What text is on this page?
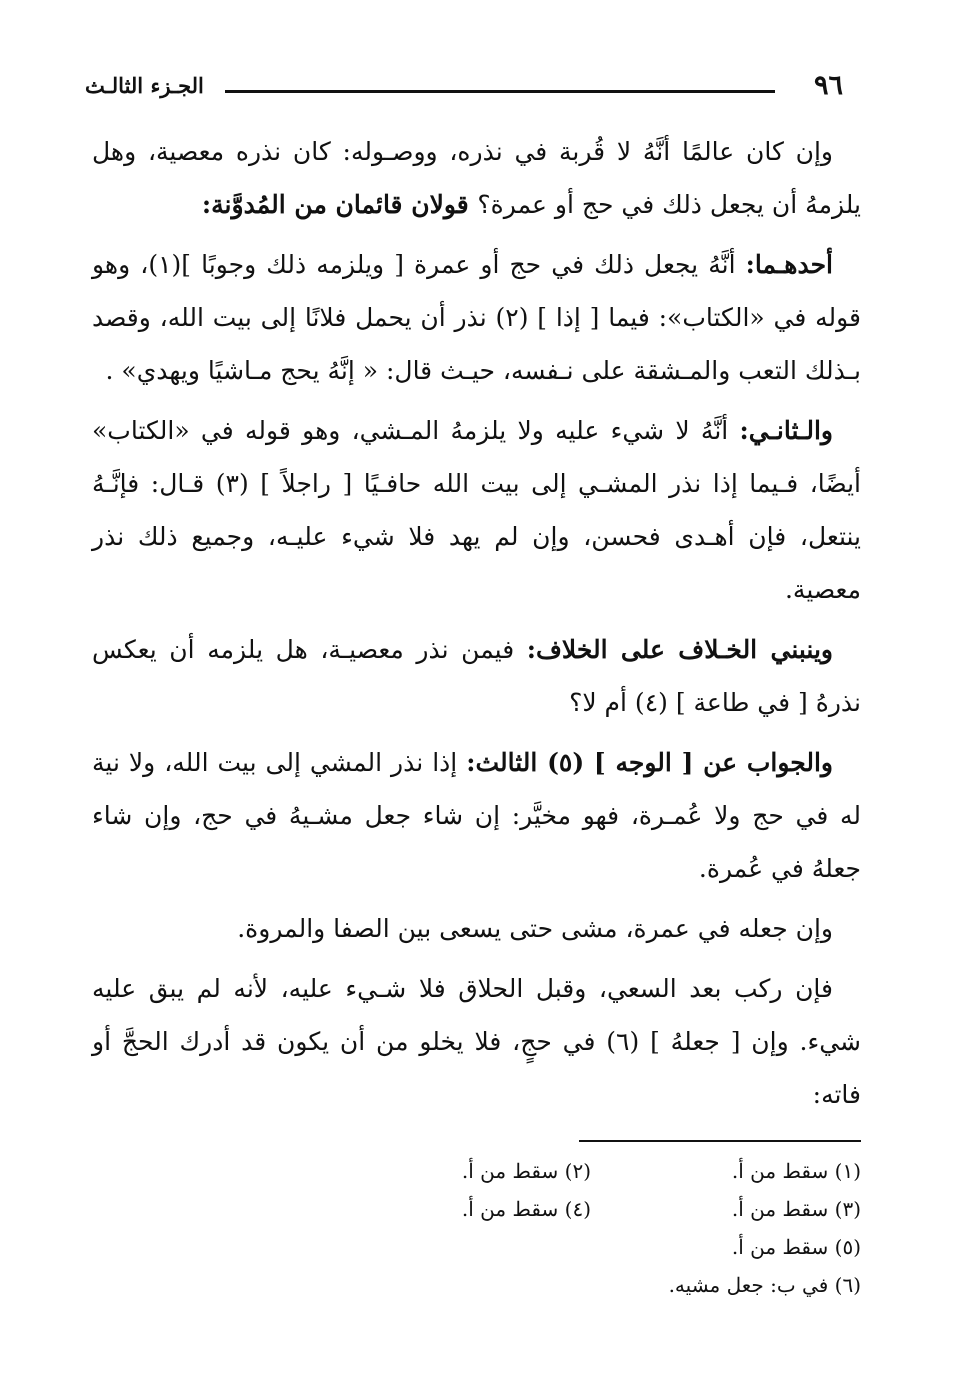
٩٦
الجـزء الثالـث

وإن كان عالمًا أنَّهُ لا قُربة في نذره، ووصـوله: كان نذره معصية، وهل يلزمهُ أن يجعل ذلك في حج أو عمرة؟ قولان قائمان من المُدوَّنة:

أحدهـما: أنَّهُ يجعل ذلك في حج أو عمرة [ ويلزمه ذلك وجوبًا ](١)، وهو قوله في «الكتاب»: فيما [ إذا ] (٢) نذر أن يحمل فلانًا إلى بيت الله، وقصد بـذلك التعب والمـشقة على نـفسه، حيـث قال: « إنَّهُ يحج مـاشيًا ويهدي» .

والـثانـي: أنَّهُ لا شيء عليه ولا يلزمهُ المـشي، وهو قوله في «الكتاب» أيضًا، فـيما إذا نذر المشـي إلى بيت الله حافـيًا [ راجلاً ] (٣) قـال: فإنَّـهُ ينتعل، فإن أهـدى فحسن، وإن لم يهد فلا شيء عليـه، وجميع ذلك نذر معصية.

وينبني الخـلاف على الخلاف: فيمن نذر معصيـة، هل يلزمه أن يعكس نذرهُ [ في طاعة ] (٤) أم لا؟

والجواب عن [ الوجه ] (٥) الثالث: إذا نذر المشي إلى بيت الله، ولا نية له في حج ولا عُمـرة، فهو مخيَّر: إن شاء جعل مشـيهُ في حج، وإن شاء جعلهُ في عُمرة.

وإن جعله في عمرة، مشى حتى يسعى بين الصفا والمروة.

فإن ركب بعد السعي، وقبل الحلاق فلا شـيء عليه، لأنه لم يبق عليه شيء. وإن [ جعلهُ ] (٦) في حجٍ، فلا يخلو من أن يكون قد أدرك الحجَّ أو فاته:

(١) سقط من أ.
(٢) سقط من أ.
(٣) سقط من أ.
(٤) سقط من أ.
(٥) سقط من أ.
(٦) في ب: جعل مشيه.
